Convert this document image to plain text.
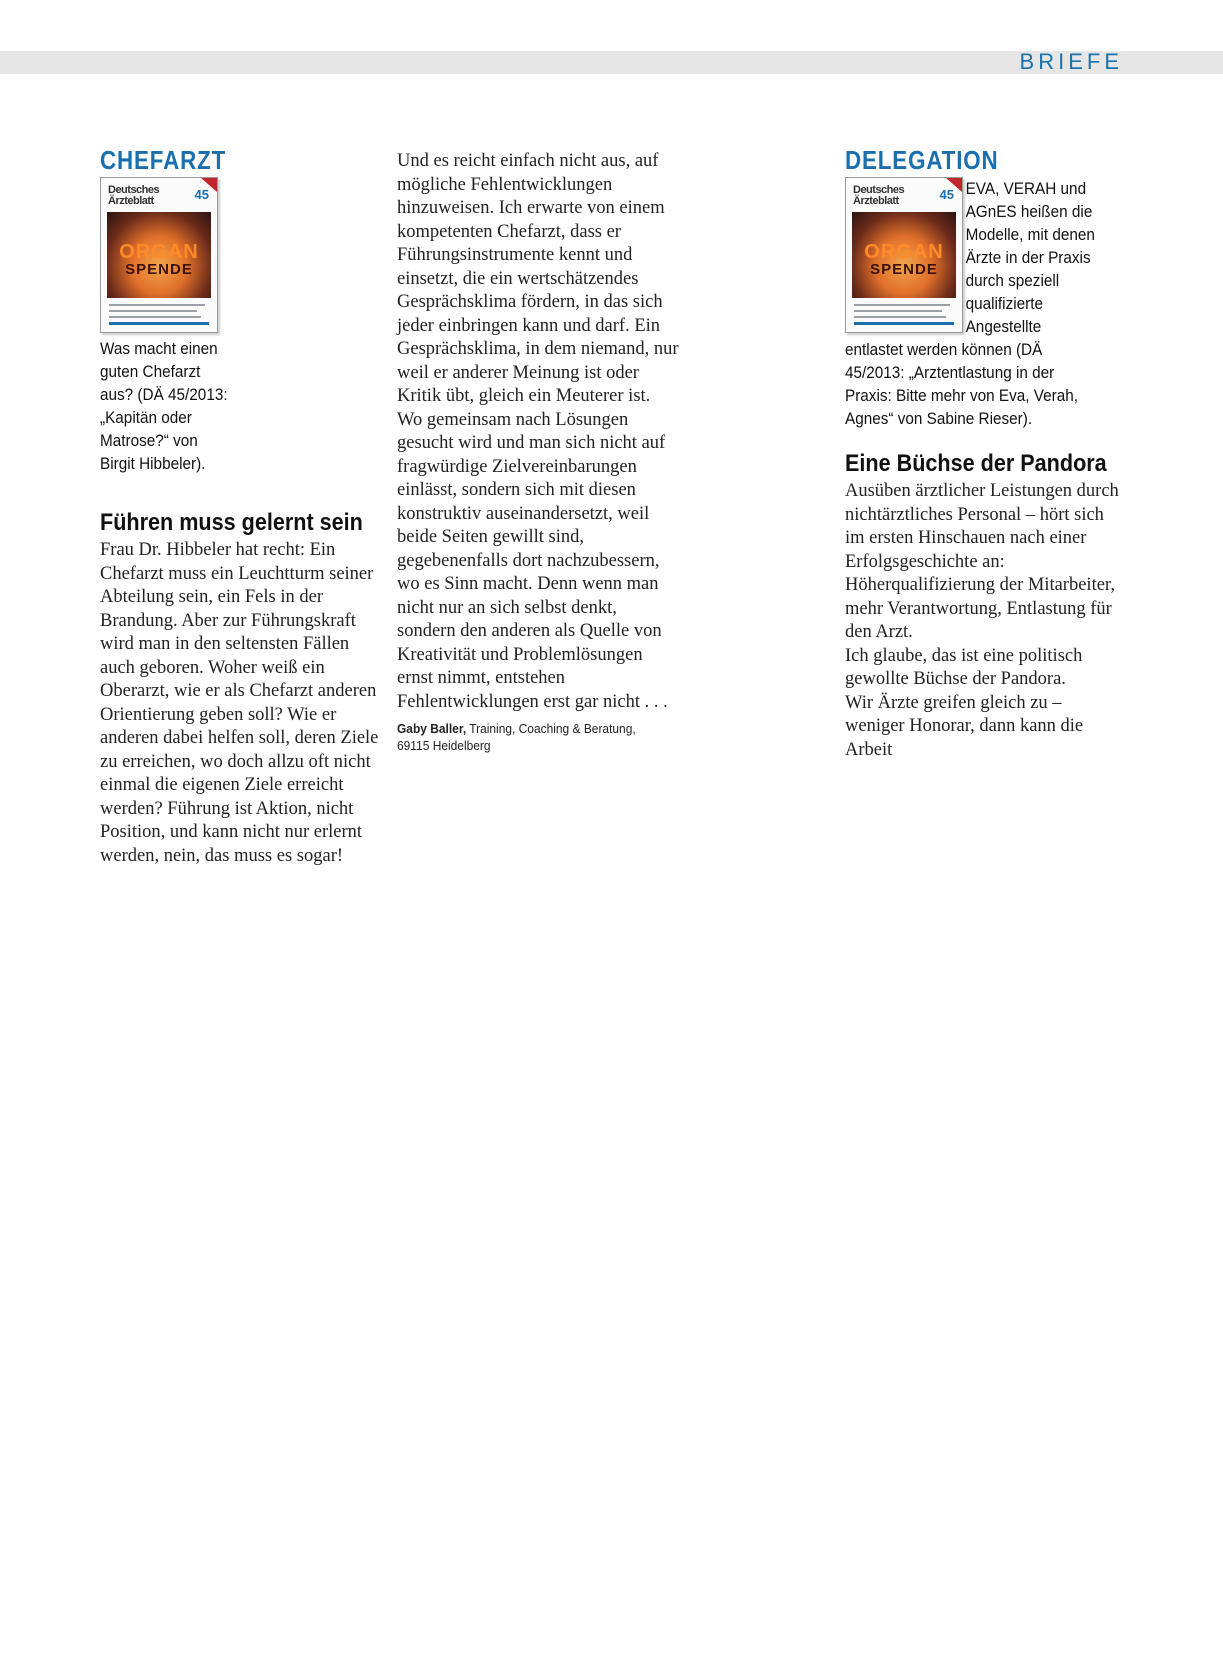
BRIEFE
CHEFARZT
Deutsches
Ärzteblatt	45
ORGAN
SPENDE
Was macht einen guten Chefarzt aus? (DÄ 45/2013: „Kapitän oder Matrose?“ von Birgit Hibbeler).
Führen muss gelernt sein
Frau Dr. Hibbeler hat recht: Ein Chefarzt muss ein Leuchtturm seiner Abteilung sein, ein Fels in der Brandung. Aber zur Führungskraft wird man in den seltensten Fällen auch geboren. Woher weiß ein Oberarzt, wie er als Chefarzt anderen Orientierung geben soll? Wie er anderen dabei helfen soll, deren Ziele zu erreichen, wo doch allzu oft nicht einmal die eigenen Ziele erreicht werden? Führung ist Aktion, nicht Position, und kann nicht nur erlernt werden, nein, das muss es sogar!
Und es reicht einfach nicht aus, auf mögliche Fehlentwicklungen hinzuweisen. Ich erwarte von einem kompetenten Chefarzt, dass er Führungsinstrumente kennt und einsetzt, die ein wertschätzendes Gesprächsklima fördern, in das sich jeder einbringen kann und darf. Ein Gesprächsklima, in dem niemand, nur weil er anderer Meinung ist oder Kritik übt, gleich ein Meuterer ist. Wo gemeinsam nach Lösungen gesucht wird und man sich nicht auf fragwürdige Zielvereinbarungen einlässt, sondern sich mit diesen konstruktiv auseinandersetzt, weil beide Seiten gewillt sind, gegebenenfalls dort nachzubessern, wo es Sinn macht. Denn wenn man nicht nur an sich selbst denkt, sondern den anderen als Quelle von Kreativität und Problemlösungen ernst nimmt, entstehen Fehlentwicklungen erst gar nicht . . .
Gaby Baller, Training, Coaching & Beratung,
69115 Heidelberg
DELEGATION
Deutsches
Ärzteblatt	45
ORGAN
SPENDE
EVA, VERAH und AGnES heißen die Modelle, mit denen Ärzte in der Praxis durch speziell qualifizierte Angestellte entlastet werden können (DÄ 45/2013: „Arztentlastung in der Praxis: Bitte mehr von Eva, Verah, Agnes“ von Sabine Rieser).
Eine Büchse der Pandora

Ausüben ärztlicher Leistungen durch nichtärztliches Personal – hört sich im ersten Hinschauen nach einer Erfolgsgeschichte an: Höherqualifizierung der Mitarbeiter, mehr Verantwortung, Entlastung für den Arzt.

Ich glaube, das ist eine politisch gewollte Büchse der Pandora.

Wir Ärzte greifen gleich zu – weniger Honorar, dann kann die Arbeit
